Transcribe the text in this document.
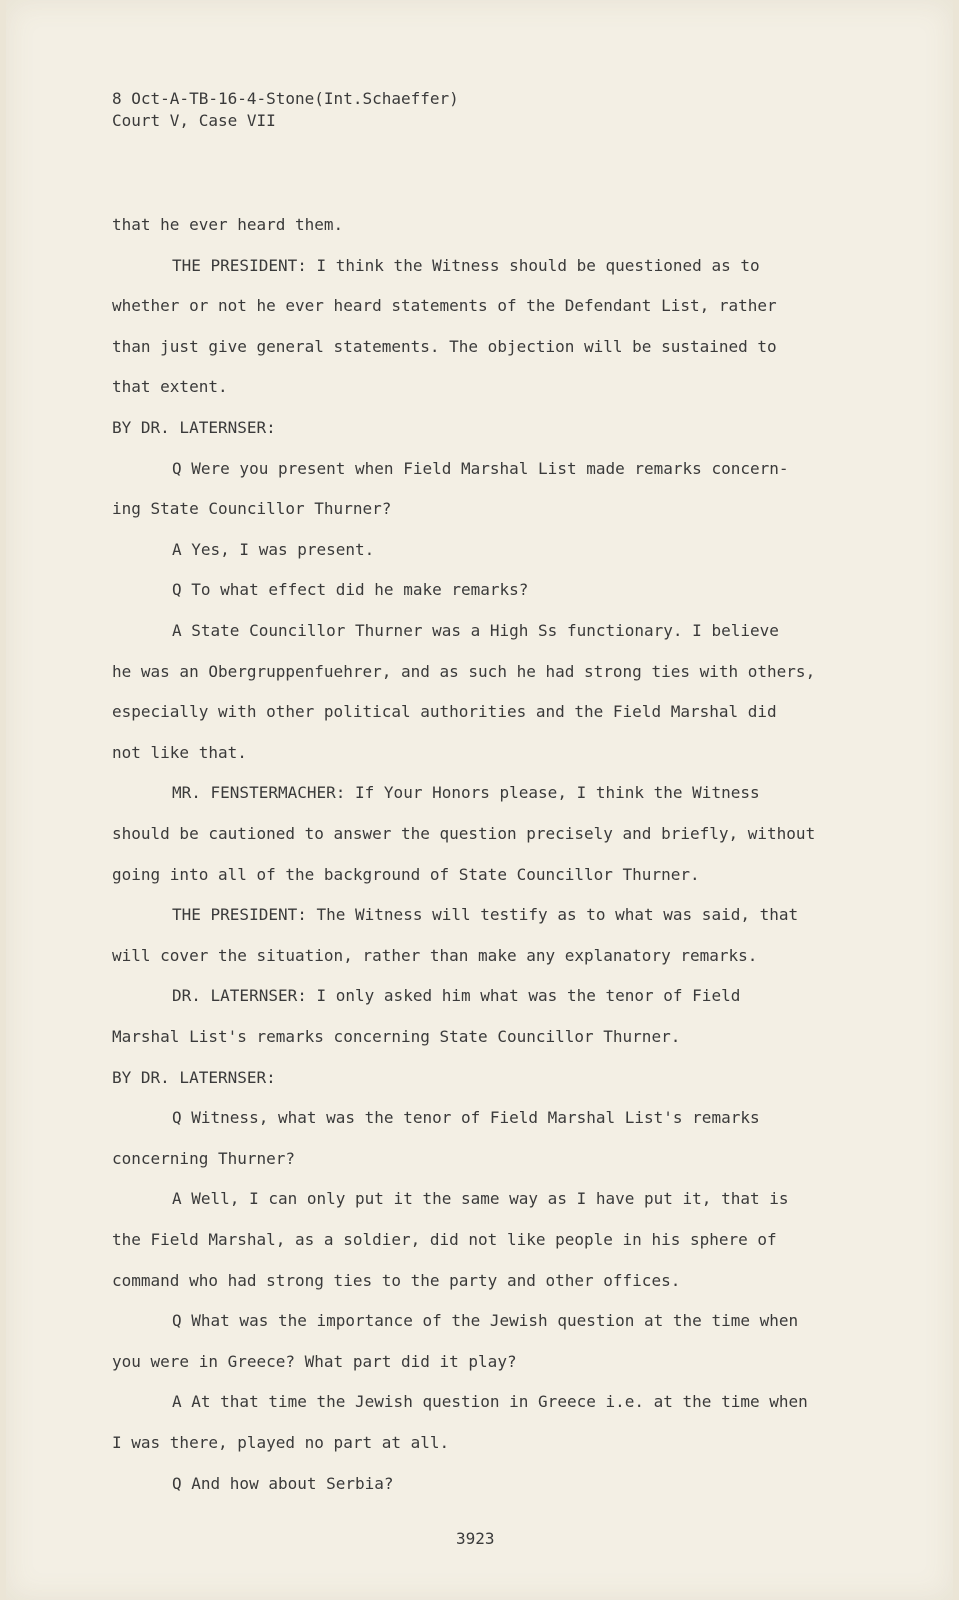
8 Oct-A-TB-16-4-Stone(Int.Schaeffer)
Court V, Case VII
that he ever heard them.
THE PRESIDENT: I think the Witness should be questioned as to
whether or not he ever heard statements of the Defendant List, rather
than just give general statements. The objection will be sustained to
that extent.
BY DR. LATERNSER:
Q Were you present when Field Marshal List made remarks concern-
ing State Councillor Thurner?
A Yes, I was present.
Q To what effect did he make remarks?
A State Councillor Thurner was a High Ss functionary. I believe
he was an Obergruppenfuehrer, and as such he had strong ties with others,
especially with other political authorities and the Field Marshal did
not like that.
MR. FENSTERMACHER: If Your Honors please, I think the Witness
should be cautioned to answer the question precisely and briefly, without
going into all of the background of State Councillor Thurner.
THE PRESIDENT: The Witness will testify as to what was said, that
will cover the situation, rather than make any explanatory remarks.
DR. LATERNSER: I only asked him what was the tenor of Field
Marshal List's remarks concerning State Councillor Thurner.
BY DR. LATERNSER:
Q Witness, what was the tenor of Field Marshal List's remarks
concerning Thurner?
A Well, I can only put it the same way as I have put it, that is
the Field Marshal, as a soldier, did not like people in his sphere of
command who had strong ties to the party and other offices.
Q What was the importance of the Jewish question at the time when
you were in Greece? What part did it play?
A At that time the Jewish question in Greece i.e. at the time when
I was there, played no part at all.
Q And how about Serbia?
3923
